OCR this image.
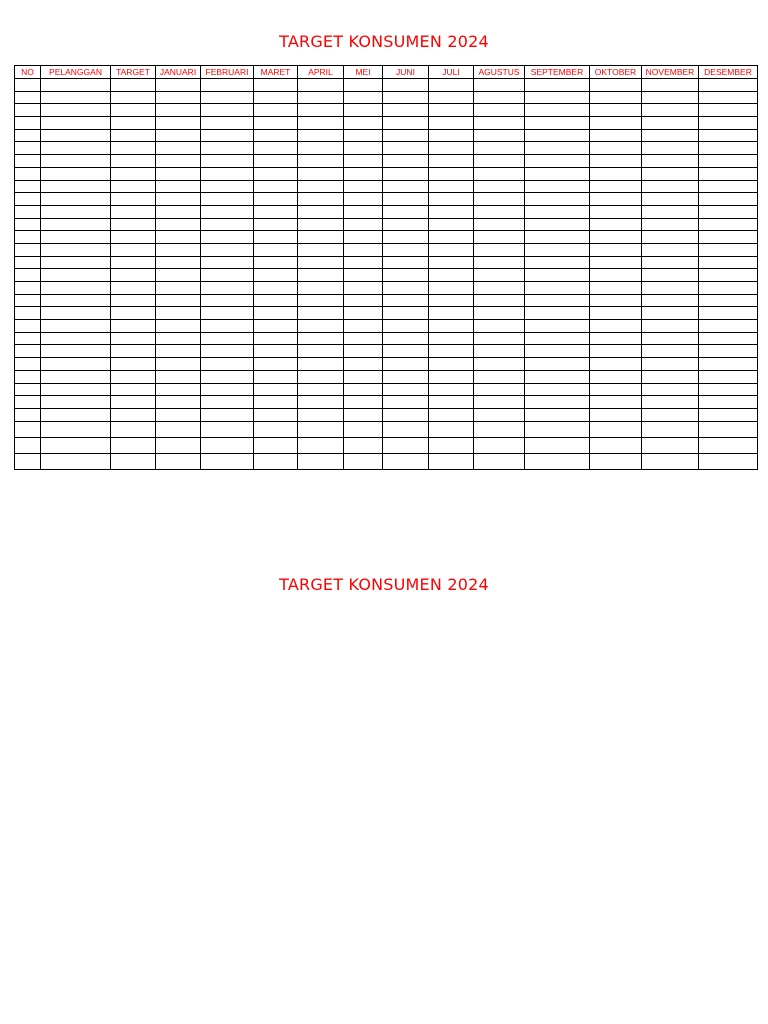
TARGET KONSUMEN 2024
NO	PELANGGAN	TARGET	JANUARI	FEBRUARI	MARET	APRIL	MEI	JUNI	JULI	AGUSTUS	SEPTEMBER	OKTOBER	NOVEMBER	DESEMBER

TARGET KONSUMEN 2024
